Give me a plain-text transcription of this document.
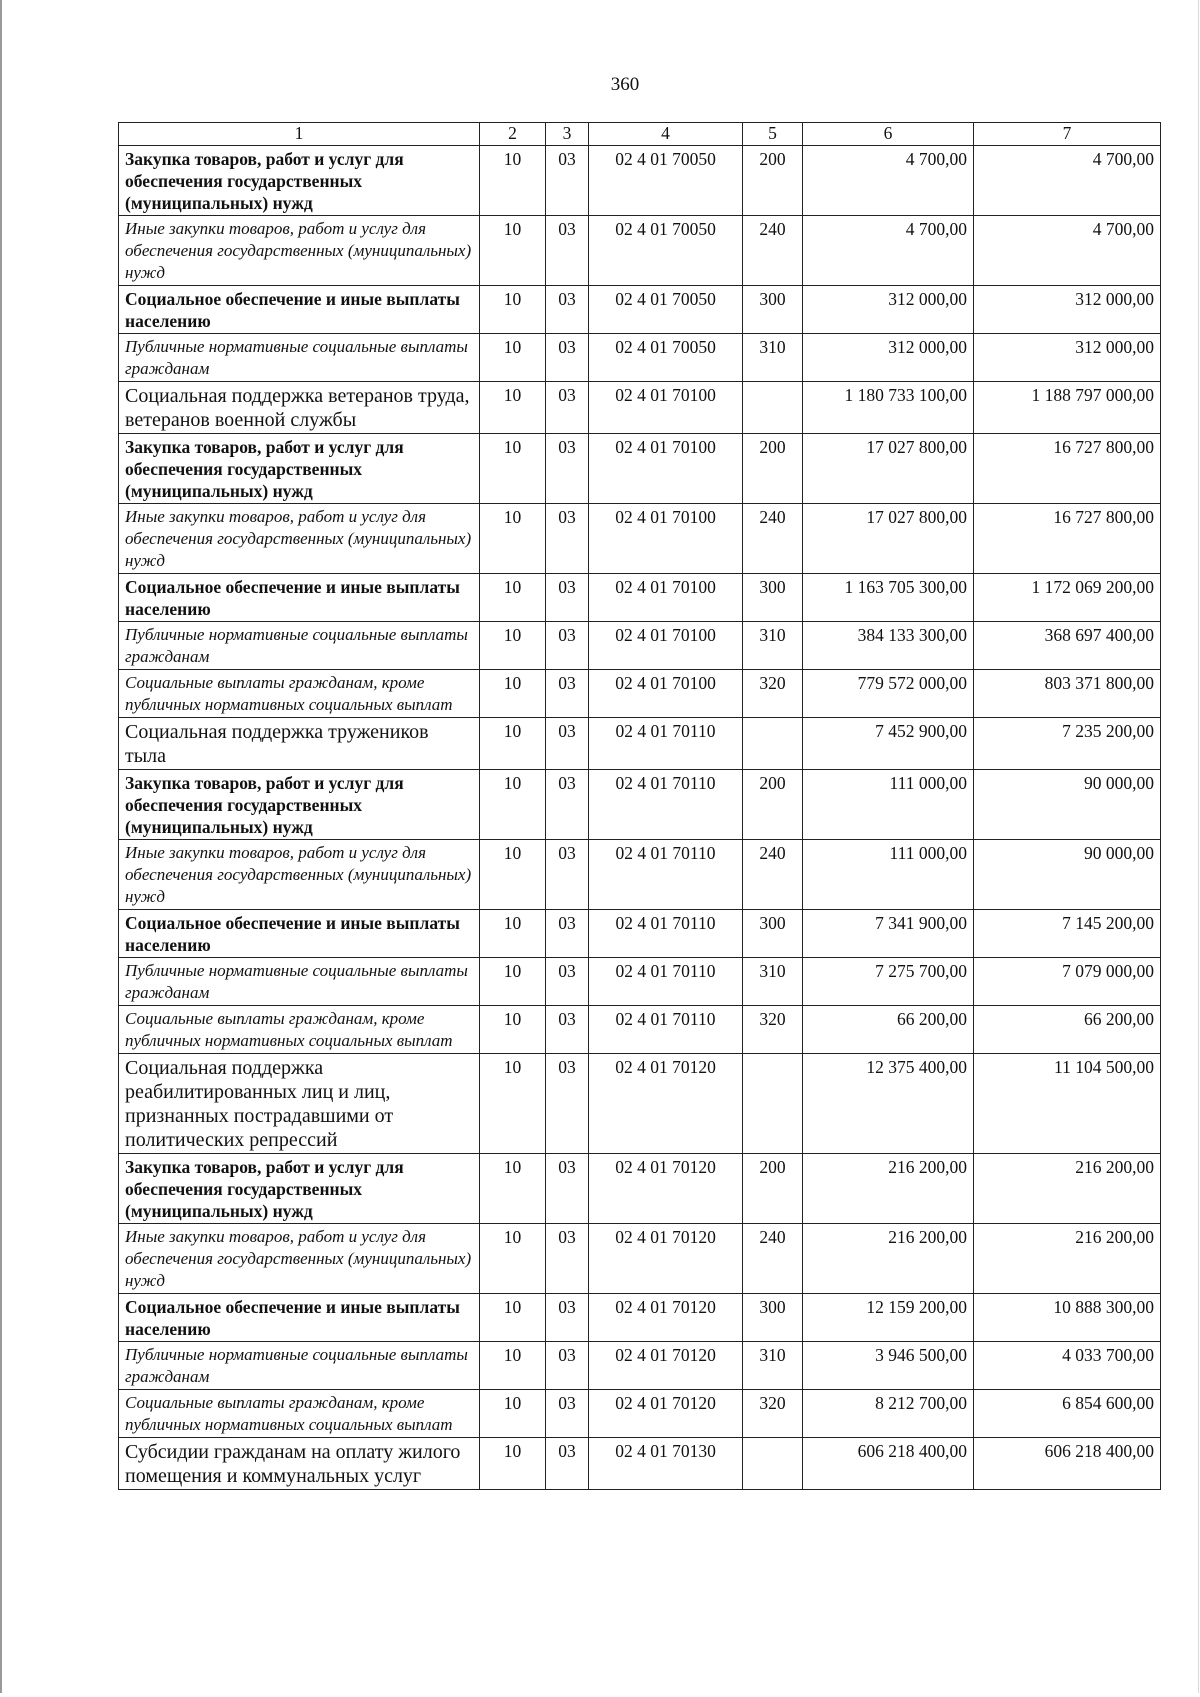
360
1	2	3	4	5	6	7
Закупка товаров, работ и услуг для обеспечения государственных (муниципальных) нужд	10	03	02 4 01 70050	200	4 700,00	4 700,00
Иные закупки товаров, работ и услуг для обеспечения государственных (муниципальных) нужд	10	03	02 4 01 70050	240	4 700,00	4 700,00
Социальное обеспечение и иные выплаты населению	10	03	02 4 01 70050	300	312 000,00	312 000,00
Публичные нормативные социальные выплаты гражданам	10	03	02 4 01 70050	310	312 000,00	312 000,00
Социальная поддержка ветеранов труда, ветеранов военной службы	10	03	02 4 01 70100		1 180 733 100,00	1 188 797 000,00
Закупка товаров, работ и услуг для обеспечения государственных (муниципальных) нужд	10	03	02 4 01 70100	200	17 027 800,00	16 727 800,00
Иные закупки товаров, работ и услуг для обеспечения государственных (муниципальных) нужд	10	03	02 4 01 70100	240	17 027 800,00	16 727 800,00
Социальное обеспечение и иные выплаты населению	10	03	02 4 01 70100	300	1 163 705 300,00	1 172 069 200,00
Публичные нормативные социальные выплаты гражданам	10	03	02 4 01 70100	310	384 133 300,00	368 697 400,00
Социальные выплаты гражданам, кроме публичных нормативных социальных выплат	10	03	02 4 01 70100	320	779 572 000,00	803 371 800,00
Социальная поддержка тружеников тыла	10	03	02 4 01 70110		7 452 900,00	7 235 200,00
Закупка товаров, работ и услуг для обеспечения государственных (муниципальных) нужд	10	03	02 4 01 70110	200	111 000,00	90 000,00
Иные закупки товаров, работ и услуг для обеспечения государственных (муниципальных) нужд	10	03	02 4 01 70110	240	111 000,00	90 000,00
Социальное обеспечение и иные выплаты населению	10	03	02 4 01 70110	300	7 341 900,00	7 145 200,00
Публичные нормативные социальные выплаты гражданам	10	03	02 4 01 70110	310	7 275 700,00	7 079 000,00
Социальные выплаты гражданам, кроме публичных нормативных социальных выплат	10	03	02 4 01 70110	320	66 200,00	66 200,00
Социальная поддержка реабилитированных лиц и лиц, признанных пострадавшими от политических репрессий	10	03	02 4 01 70120		12 375 400,00	11 104 500,00
Закупка товаров, работ и услуг для обеспечения государственных (муниципальных) нужд	10	03	02 4 01 70120	200	216 200,00	216 200,00
Иные закупки товаров, работ и услуг для обеспечения государственных (муниципальных) нужд	10	03	02 4 01 70120	240	216 200,00	216 200,00
Социальное обеспечение и иные выплаты населению	10	03	02 4 01 70120	300	12 159 200,00	10 888 300,00
Публичные нормативные социальные выплаты гражданам	10	03	02 4 01 70120	310	3 946 500,00	4 033 700,00
Социальные выплаты гражданам, кроме публичных нормативных социальных выплат	10	03	02 4 01 70120	320	8 212 700,00	6 854 600,00
Субсидии гражданам на оплату жилого помещения и коммунальных услуг	10	03	02 4 01 70130		606 218 400,00	606 218 400,00
